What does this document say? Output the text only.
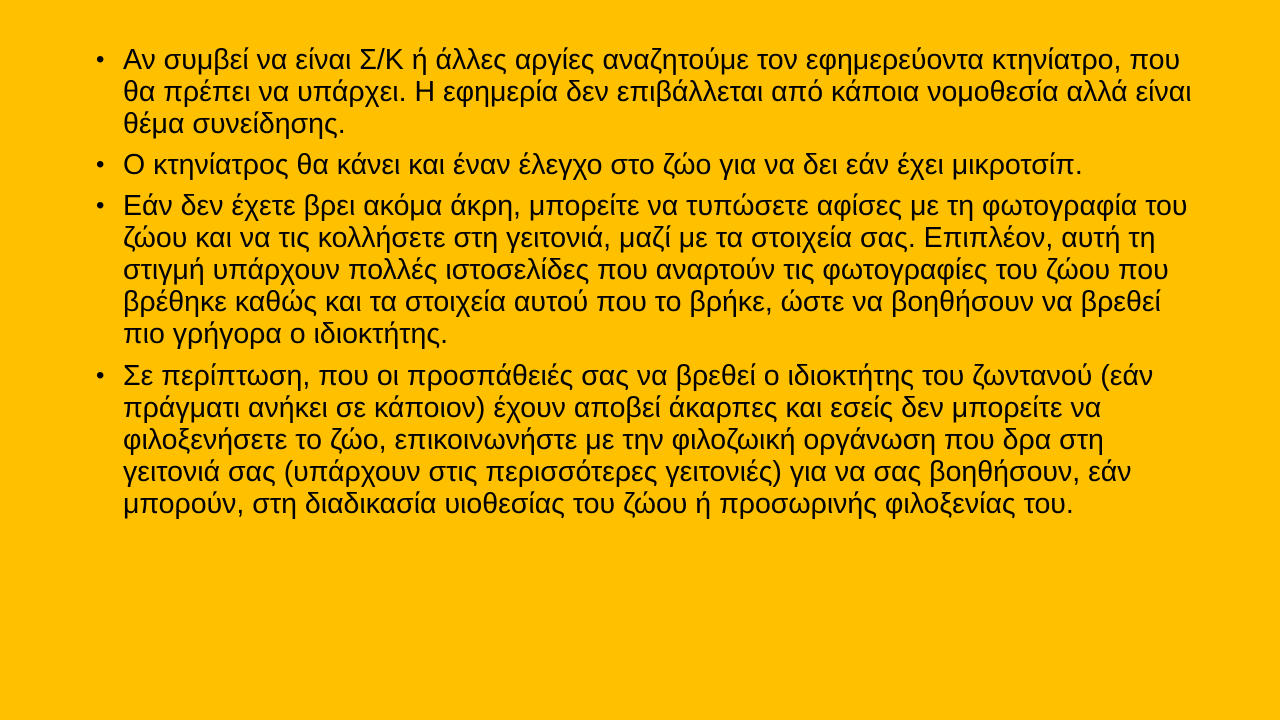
• Αν συμβεί να είναι Σ/Κ ή άλλες αργίες αναζητούμε τον εφημερεύοντα κτηνίατρο, που θα πρέπει να υπάρχει. Η εφημερία δεν επιβάλλεται από κάποια νομοθεσία αλλά είναι θέμα συνείδησης.
• Ο κτηνίατρος θα κάνει και έναν έλεγχο στο ζώο για να δει εάν έχει μικροτσίπ.
• Εάν δεν έχετε βρει ακόμα άκρη, μπορείτε να τυπώσετε αφίσες με τη φωτογραφία του ζώου και να τις κολλήσετε στη γειτονιά, μαζί με τα στοιχεία σας. Επιπλέον, αυτή τη στιγμή υπάρχουν πολλές ιστοσελίδες που αναρτούν τις φωτογραφίες του ζώου που βρέθηκε καθώς και τα στοιχεία αυτού που το βρήκε, ώστε να βοηθήσουν να βρεθεί πιο γρήγορα ο ιδιοκτήτης.
• Σε περίπτωση, που οι προσπάθειές σας να βρεθεί ο ιδιοκτήτης του ζωντανού (εάν πράγματι ανήκει σε κάποιον) έχουν αποβεί άκαρπες και εσείς δεν μπορείτε να φιλοξενήσετε το ζώο, επικοινωνήστε με την φιλοζωική οργάνωση που δρα στη γειτονιά σας (υπάρχουν στις περισσότερες γειτονιές) για να σας βοηθήσουν, εάν μπορούν, στη διαδικασία υιοθεσίας του ζώου ή προσωρινής φιλοξενίας του.
